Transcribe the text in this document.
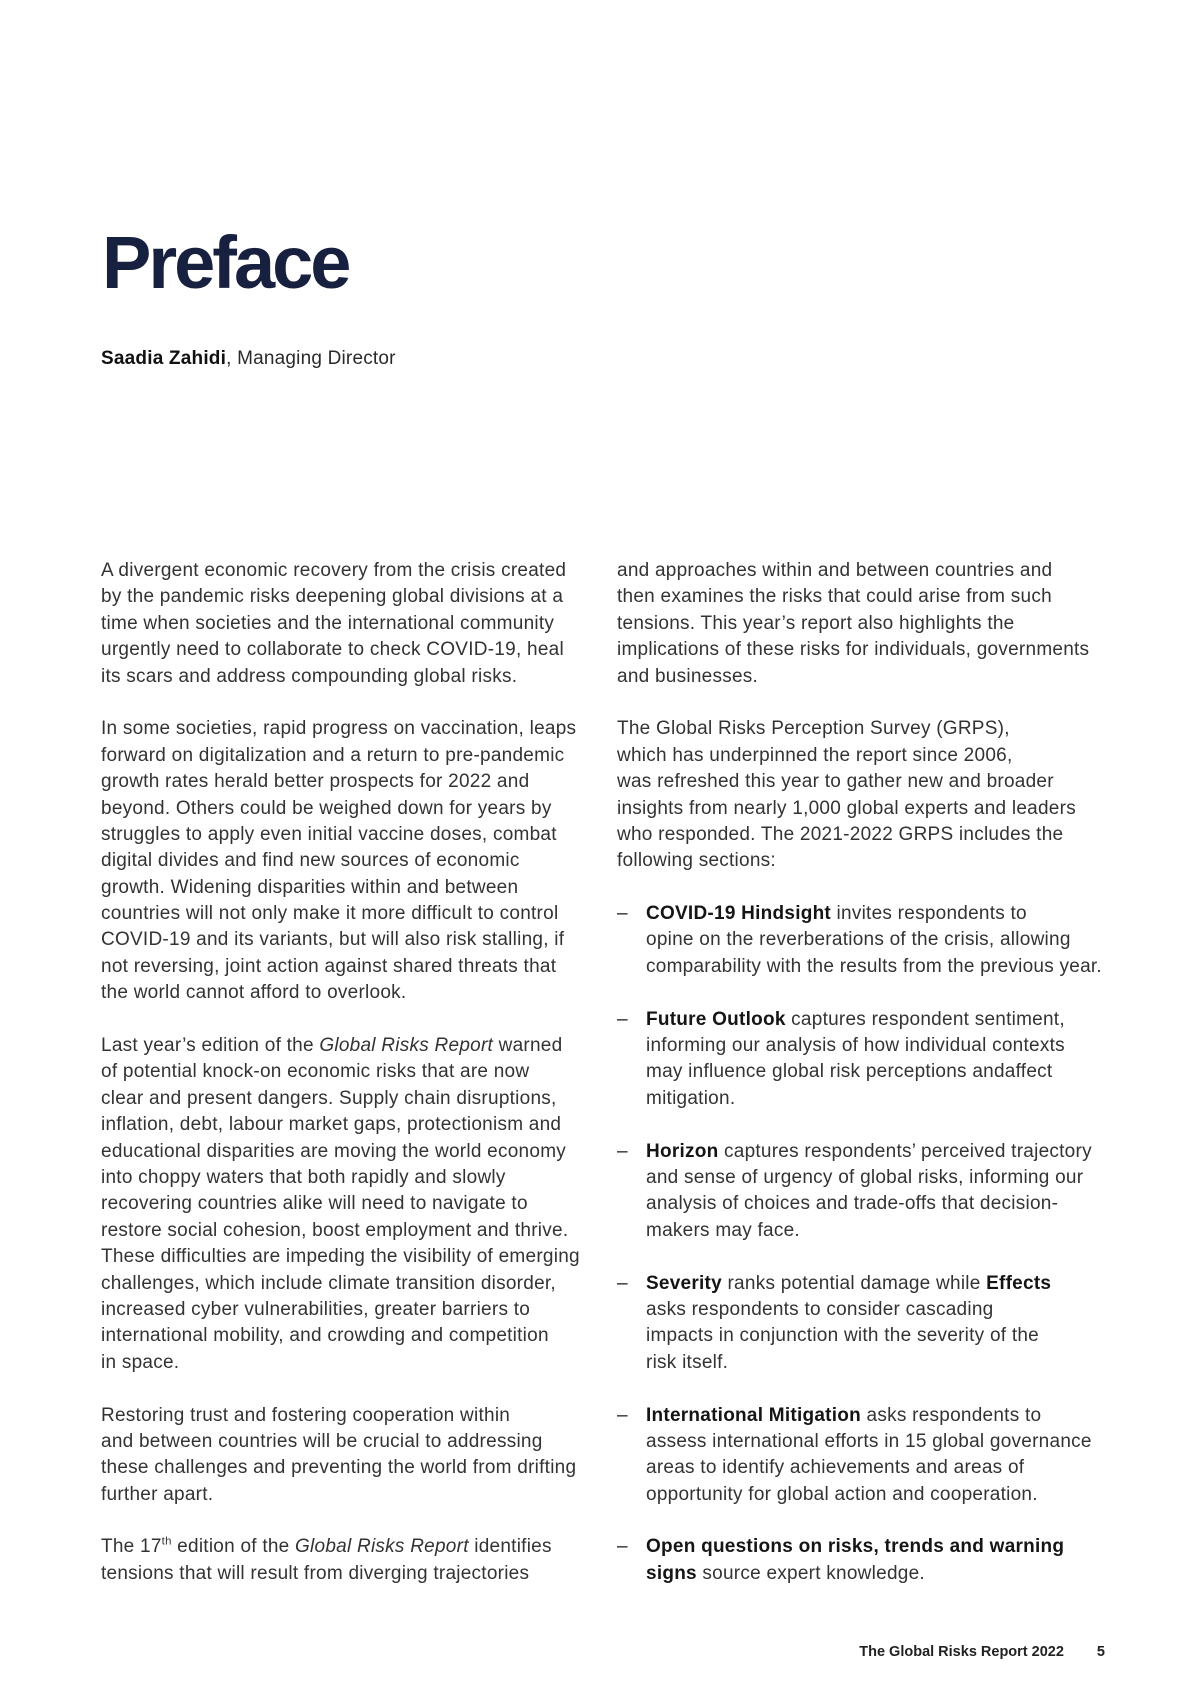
Preface
Saadia Zahidi, Managing Director
A divergent economic recovery from the crisis created
by the pandemic risks deepening global divisions at a
time when societies and the international community
urgently need to collaborate to check COVID-19, heal
its scars and address compounding global risks.
In some societies, rapid progress on vaccination, leaps
forward on digitalization and a return to pre-pandemic
growth rates herald better prospects for 2022 and
beyond. Others could be weighed down for years by
struggles to apply even initial vaccine doses, combat
digital divides and find new sources of economic
growth. Widening disparities within and between
countries will not only make it more difficult to control
COVID-19 and its variants, but will also risk stalling, if
not reversing, joint action against shared threats that
the world cannot afford to overlook.
Last year’s edition of the Global Risks Report warned
of potential knock-on economic risks that are now
clear and present dangers. Supply chain disruptions,
inflation, debt, labour market gaps, protectionism and
educational disparities are moving the world economy
into choppy waters that both rapidly and slowly
recovering countries alike will need to navigate to
restore social cohesion, boost employment and thrive.
These difficulties are impeding the visibility of emerging
challenges, which include climate transition disorder,
increased cyber vulnerabilities, greater barriers to
international mobility, and crowding and competition
in space.
Restoring trust and fostering cooperation within
and between countries will be crucial to addressing
these challenges and preventing the world from drifting
further apart.
The 17th edition of the Global Risks Report identifies
tensions that will result from diverging trajectories
and approaches within and between countries and
then examines the risks that could arise from such
tensions. This year’s report also highlights the
implications of these risks for individuals, governments
and businesses.
The Global Risks Perception Survey (GRPS),
which has underpinned the report since 2006,
was refreshed this year to gather new and broader
insights from nearly 1,000 global experts and leaders
who responded. The 2021-2022 GRPS includes the
following sections:
– COVID-19 Hindsight invites respondents to
opine on the reverberations of the crisis, allowing
comparability with the results from the previous year.
– Future Outlook captures respondent sentiment,
informing our analysis of how individual contexts
may influence global risk perceptions andaffect
mitigation.
– Horizon captures respondents’ perceived trajectory
and sense of urgency of global risks, informing our
analysis of choices and trade-offs that decision-
makers may face.
– Severity ranks potential damage while Effects
asks respondents to consider cascading
impacts in conjunction with the severity of the
risk itself.
– International Mitigation asks respondents to
assess international efforts in 15 global governance
areas to identify achievements and areas of
opportunity for global action and cooperation.
– Open questions on risks, trends and warning
signs source expert knowledge.
The Global Risks Report 2022 5
